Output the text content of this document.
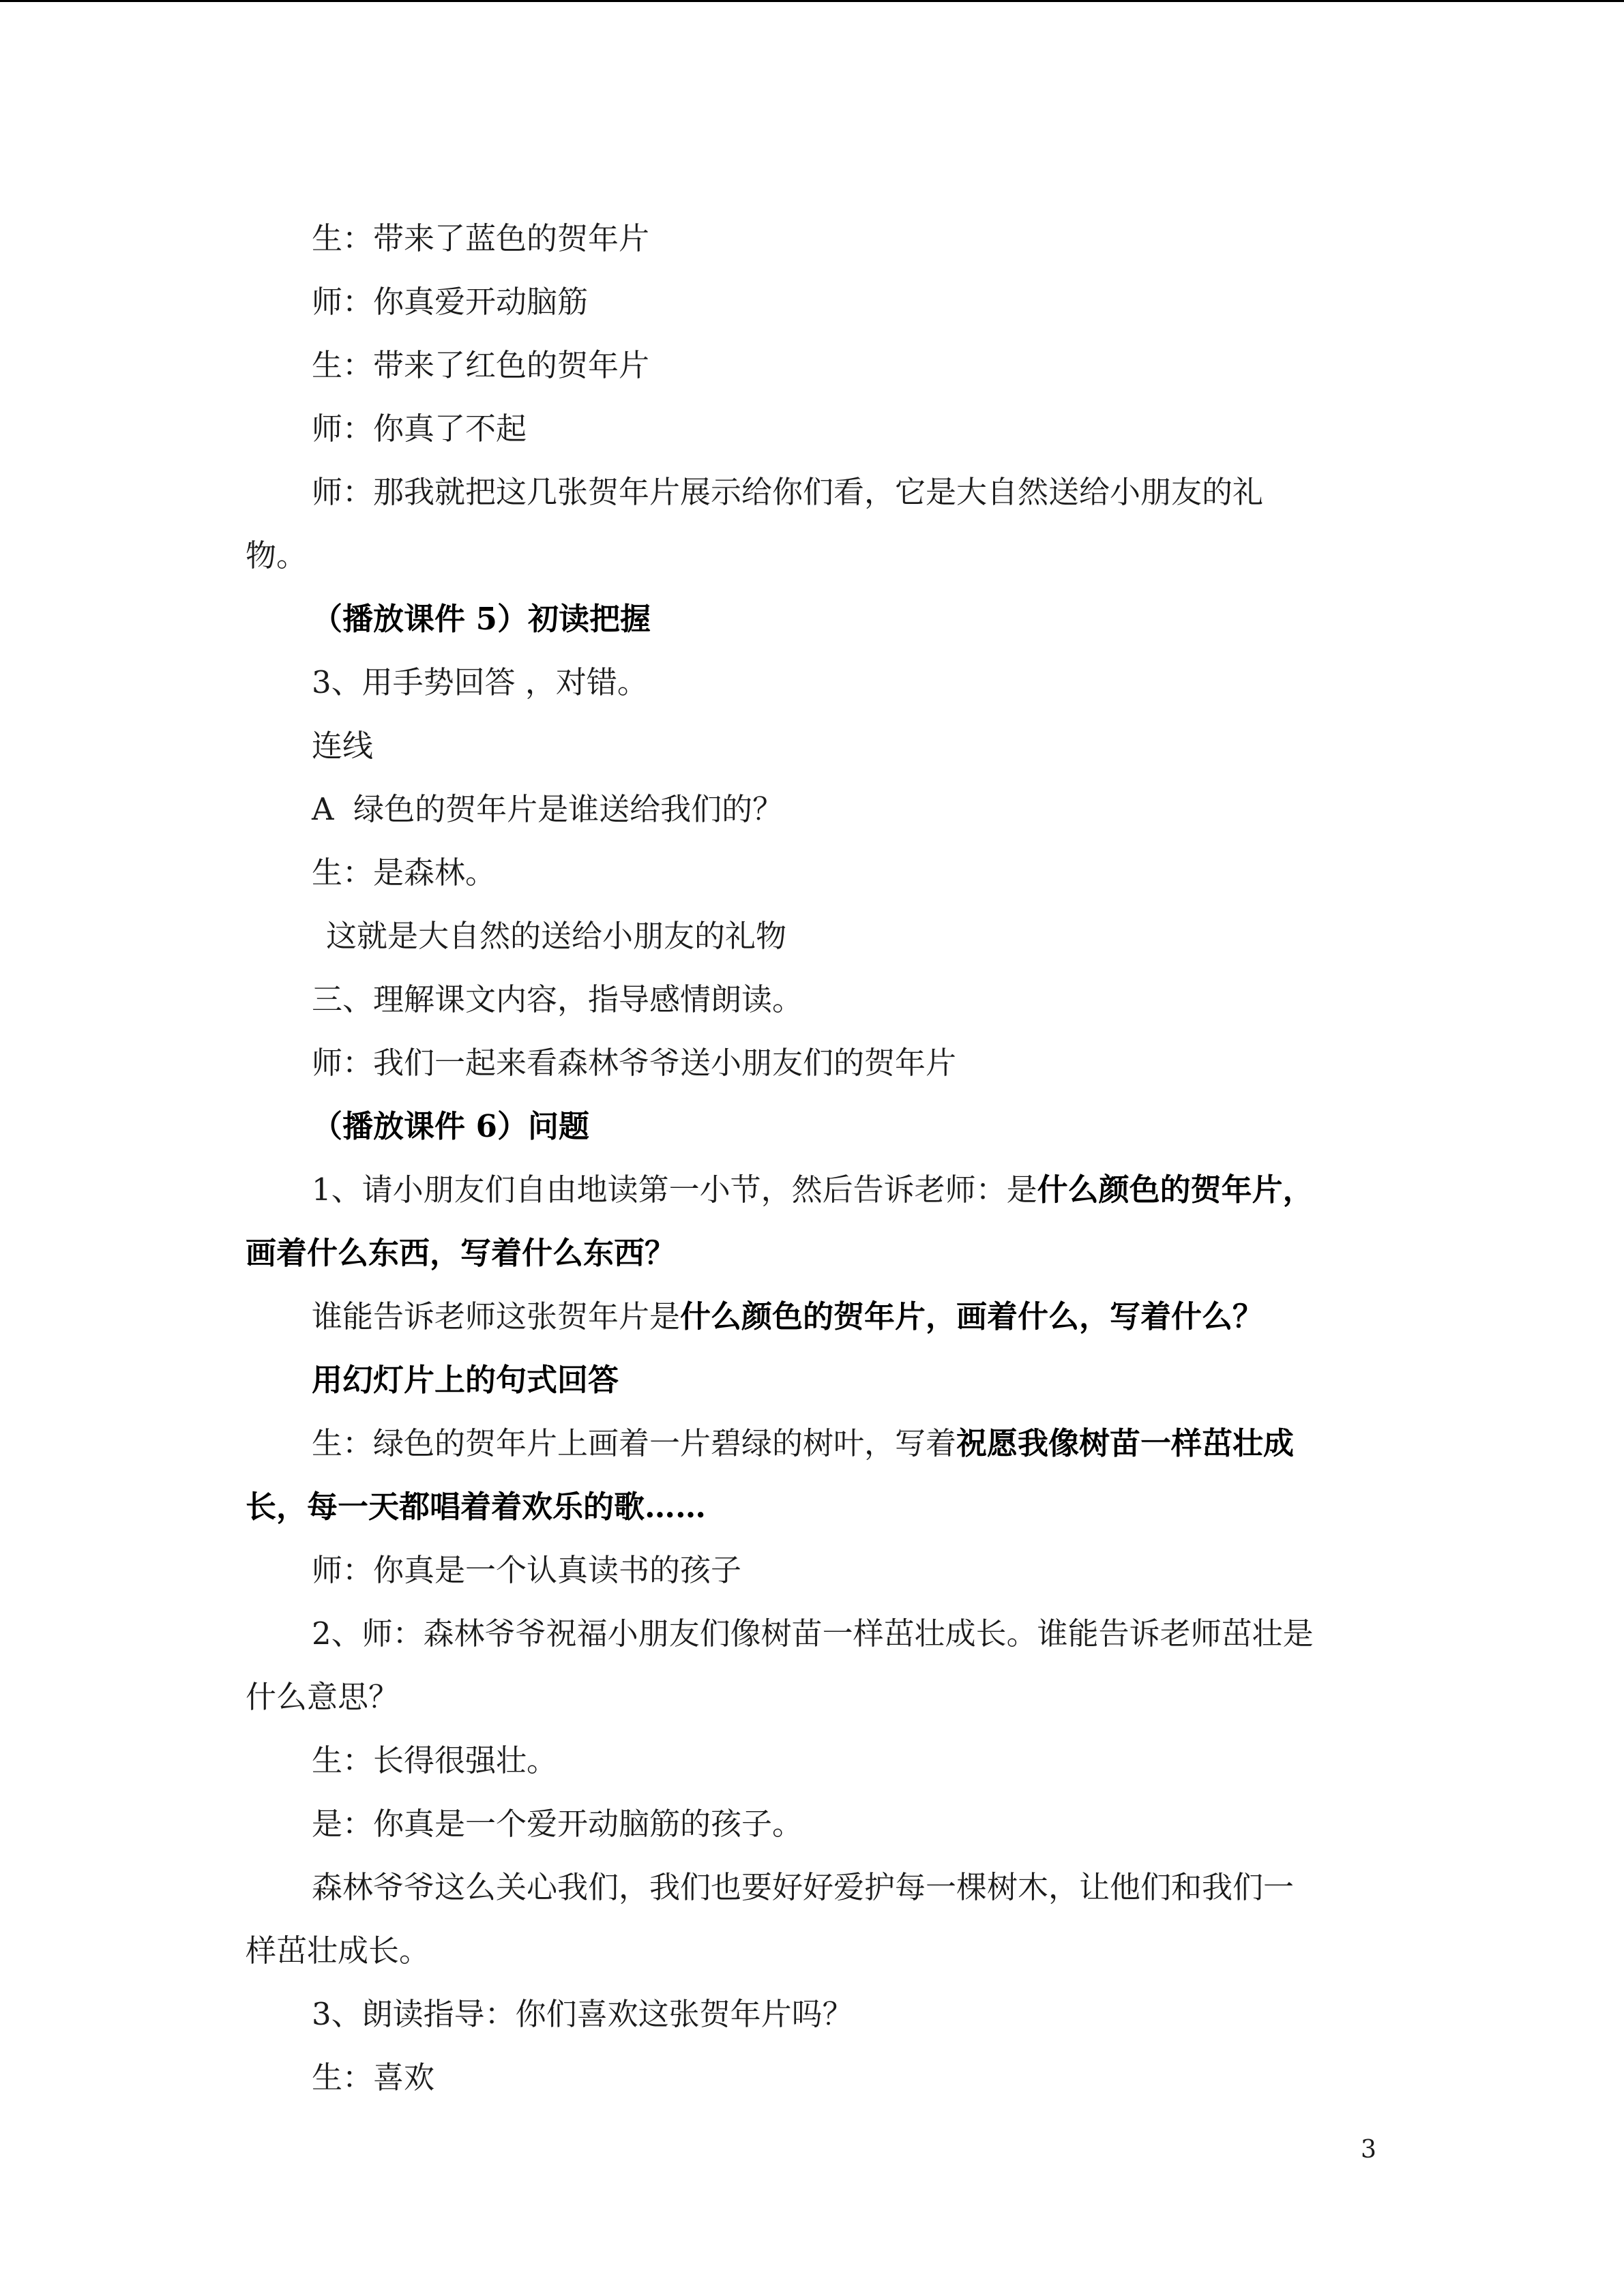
生：带来了蓝色的贺年片
师：你真爱开动脑筋
生：带来了红色的贺年片
师：你真了不起
师：那我就把这几张贺年片展示给你们看，它是大自然送给小朋友的礼
物。
（播放课件 5）初读把握
3、用手势回答 ，对错。
连线
A  绿色的贺年片是谁送给我们的？
生：是森林。
这就是大自然的送给小朋友的礼物
三、理解课文内容，指导感情朗读。
师：我们一起来看森林爷爷送小朋友们的贺年片
（播放课件 6）问题
1、请小朋友们自由地读第一小节，然后告诉老师：是什么颜色的贺年片，
画着什么东西，写着什么东西？
谁能告诉老师这张贺年片是什么颜色的贺年片，画着什么，写着什么？
用幻灯片上的句式回答
生：绿色的贺年片上画着一片碧绿的树叶，写着祝愿我像树苗一样茁壮成
长，每一天都唱着着欢乐的歌……
师：你真是一个认真读书的孩子
2、师：森林爷爷祝福小朋友们像树苗一样茁壮成长。谁能告诉老师茁壮是
什么意思？
生：长得很强壮。
是：你真是一个爱开动脑筋的孩子。
森林爷爷这么关心我们，我们也要好好爱护每一棵树木，让他们和我们一
样茁壮成长。
3、朗读指导：你们喜欢这张贺年片吗？
生：喜欢
3
